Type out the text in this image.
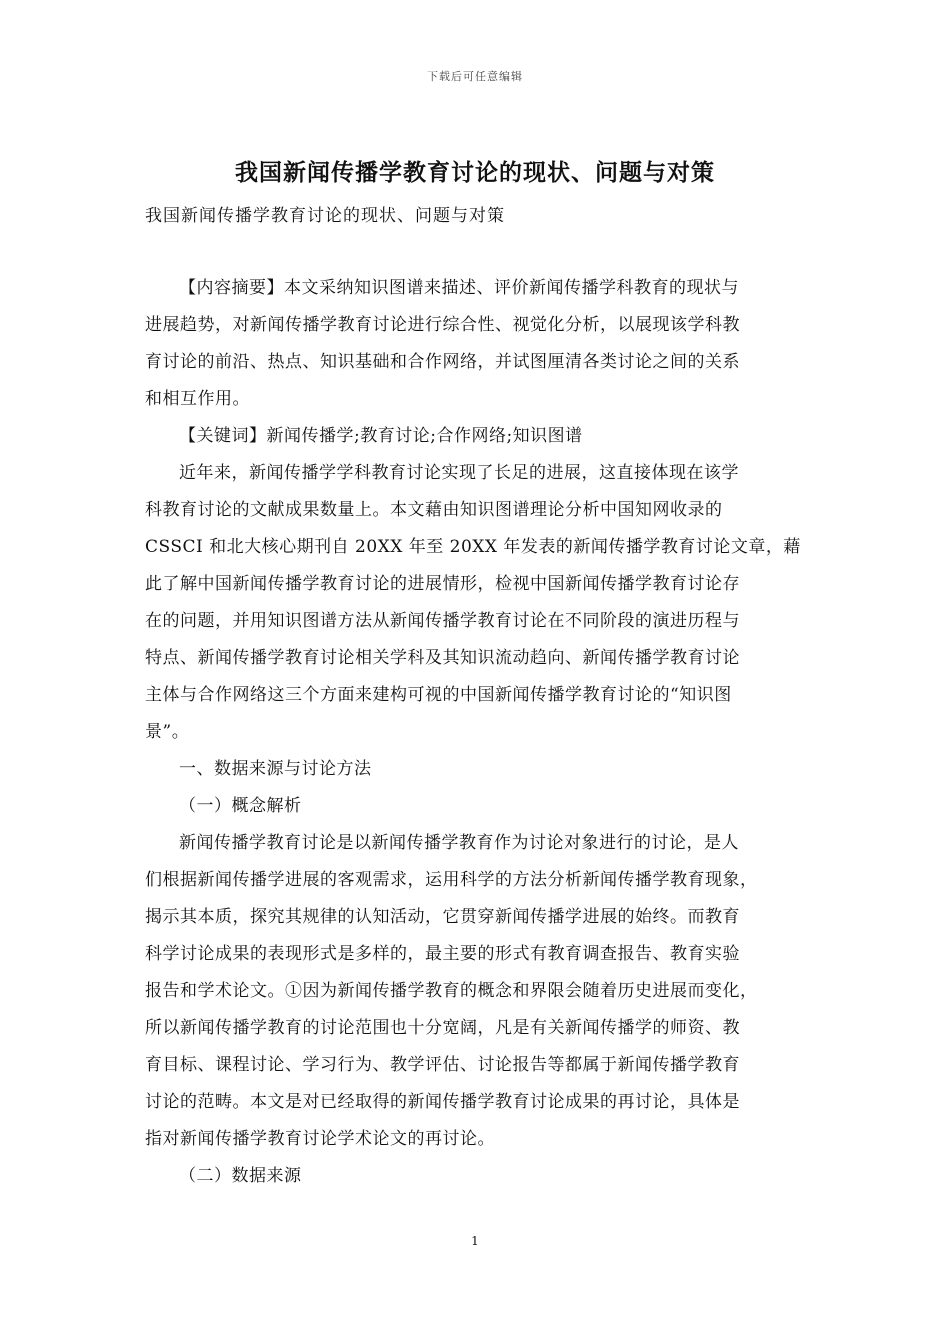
下载后可任意编辑
我国新闻传播学教育讨论的现状、问题与对策
我国新闻传播学教育讨论的现状、问题与对策
【内容摘要】本文采纳知识图谱来描述、评价新闻传播学科教育的现状与
进展趋势，对新闻传播学教育讨论进行综合性、视觉化分析，以展现该学科教
育讨论的前沿、热点、知识基础和合作网络，并试图厘清各类讨论之间的关系
和相互作用。
【关键词】新闻传播学;教育讨论;合作网络;知识图谱
近年来，新闻传播学学科教育讨论实现了长足的进展，这直接体现在该学
科教育讨论的文献成果数量上。本文藉由知识图谱理论分析中国知网收录的
CSSCI 和北大核心期刊自 20XX 年至 20XX 年发表的新闻传播学教育讨论文章，藉
此了解中国新闻传播学教育讨论的进展情形，检视中国新闻传播学教育讨论存
在的问题，并用知识图谱方法从新闻传播学教育讨论在不同阶段的演进历程与
特点、新闻传播学教育讨论相关学科及其知识流动趋向、新闻传播学教育讨论
主体与合作网络这三个方面来建构可视的中国新闻传播学教育讨论的“知识图
景”。
一、数据来源与讨论方法
（一）概念解析
新闻传播学教育讨论是以新闻传播学教育作为讨论对象进行的讨论，是人
们根据新闻传播学进展的客观需求，运用科学的方法分析新闻传播学教育现象，
揭示其本质，探究其规律的认知活动，它贯穿新闻传播学进展的始终。而教育
科学讨论成果的表现形式是多样的，最主要的形式有教育调查报告、教育实验
报告和学术论文。①因为新闻传播学教育的概念和界限会随着历史进展而变化，
所以新闻传播学教育的讨论范围也十分宽阔，凡是有关新闻传播学的师资、教
育目标、课程讨论、学习行为、教学评估、讨论报告等都属于新闻传播学教育
讨论的范畴。本文是对已经取得的新闻传播学教育讨论成果的再讨论，具体是
指对新闻传播学教育讨论学术论文的再讨论。
（二）数据来源
1
